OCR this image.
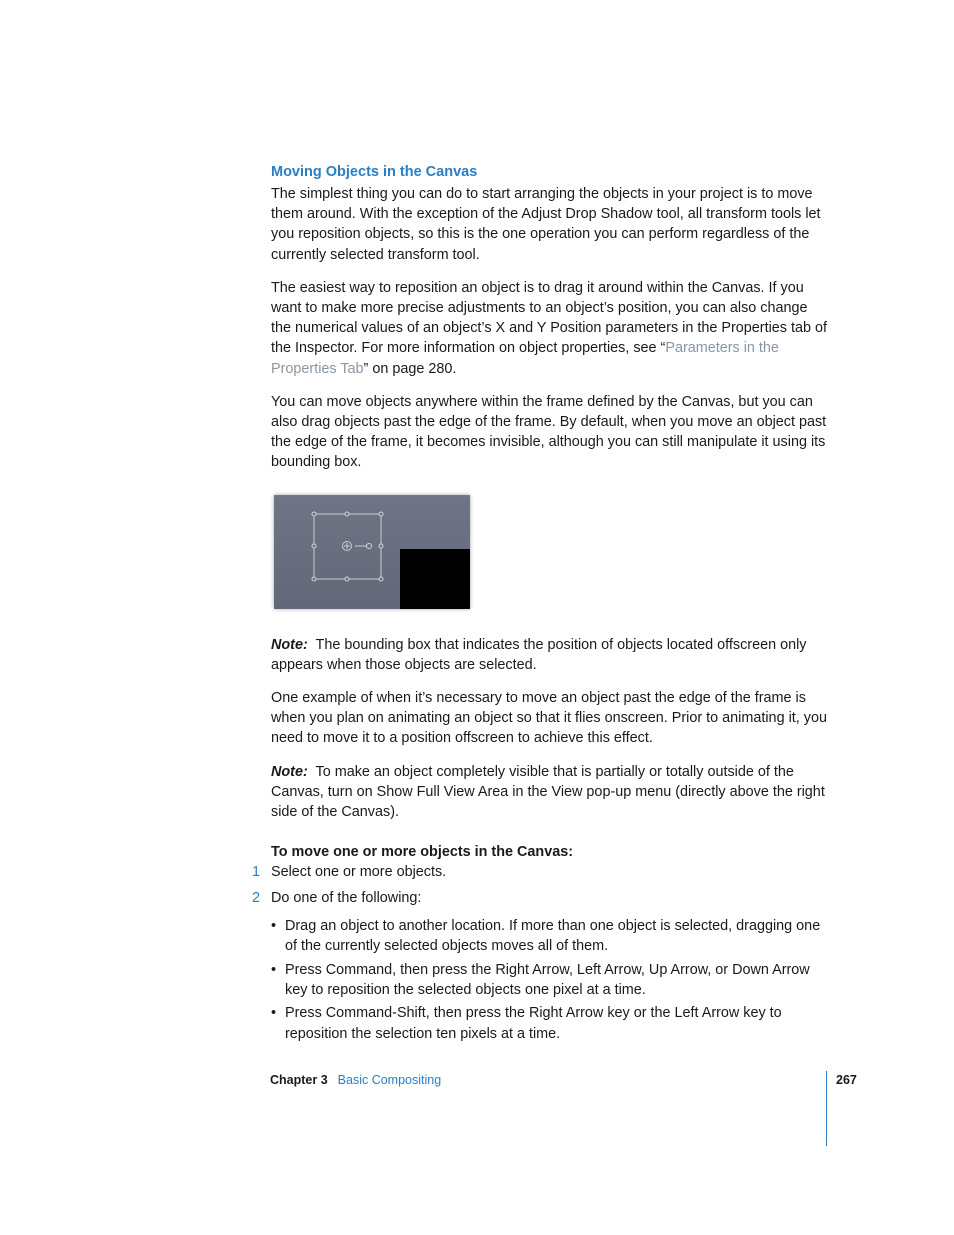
Moving Objects in the Canvas

The simplest thing you can do to start arranging the objects in your project is to move them around. With the exception of the Adjust Drop Shadow tool, all transform tools let you reposition objects, so this is the one operation you can perform regardless of the currently selected transform tool.

The easiest way to reposition an object is to drag it around within the Canvas. If you want to make more precise adjustments to an object’s position, you can also change the numerical values of an object’s X and Y Position parameters in the Properties tab of the Inspector. For more information on object properties, see “Parameters in the Properties Tab” on page 280.

You can move objects anywhere within the frame defined by the Canvas, but you can also drag objects past the edge of the frame. By default, when you move an object past the edge of the frame, it becomes invisible, although you can still manipulate it using its bounding box.

Note: The bounding box that indicates the position of objects located offscreen only appears when those objects are selected.

One example of when it’s necessary to move an object past the edge of the frame is when you plan on animating an object so that it flies onscreen. Prior to animating it, you need to move it to a position offscreen to achieve this effect.

Note: To make an object completely visible that is partially or totally outside of the Canvas, turn on Show Full View Area in the View pop-up menu (directly above the right side of the Canvas).

To move one or more objects in the Canvas:
1 Select one or more objects.
2 Do one of the following:
• Drag an object to another location. If more than one object is selected, dragging one of the currently selected objects moves all of them.
• Press Command, then press the Right Arrow, Left Arrow, Up Arrow, or Down Arrow key to reposition the selected objects one pixel at a time.
• Press Command-Shift, then press the Right Arrow key or the Left Arrow key to reposition the selection ten pixels at a time.
Chapter 3 Basic Compositing	267
